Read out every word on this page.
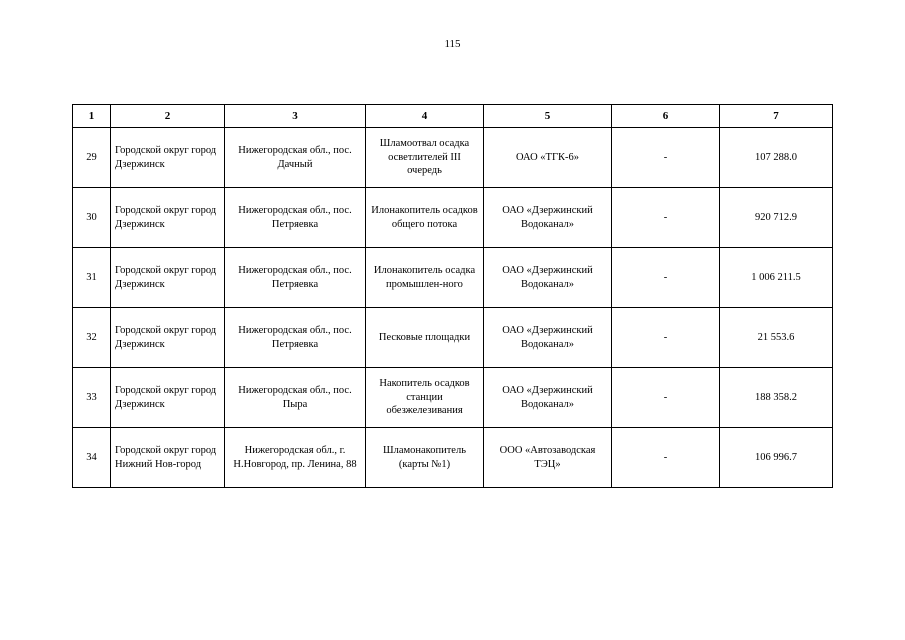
115
1	2	3	4	5	6	7
29	Городской округ город Дзержинск	Нижегородская обл., пос. Дачный	Шламоотвал осадка осветлителей III очередь	ОАО «ТГК-6»	-	107 288.0
30	Городской округ город Дзержинск	Нижегородская обл., пос. Петряевка	Илонакопитель осадков общего потока	ОАО «Дзержинский Водоканал»	-	920 712.9
31	Городской округ город Дзержинск	Нижегородская обл., пос. Петряевка	Илонакопитель осадка промышлен-ного	ОАО «Дзержинский Водоканал»	-	1 006 211.5
32	Городской округ город Дзержинск	Нижегородская обл., пос. Петряевка	Песковые площадки	ОАО «Дзержинский Водоканал»	-	21 553.6
33	Городской округ город Дзержинск	Нижегородская обл., пос. Пыра	Накопитель осадков станции обезжелезивания	ОАО «Дзержинский Водоканал»	-	188 358.2
34	Городской округ город Нижний Нов-город	Нижегородская обл., г. Н.Новгород, пр. Ленина, 88	Шламонакопитель (карты №1)	ООО «Автозаводская ТЭЦ»	-	106 996.7
